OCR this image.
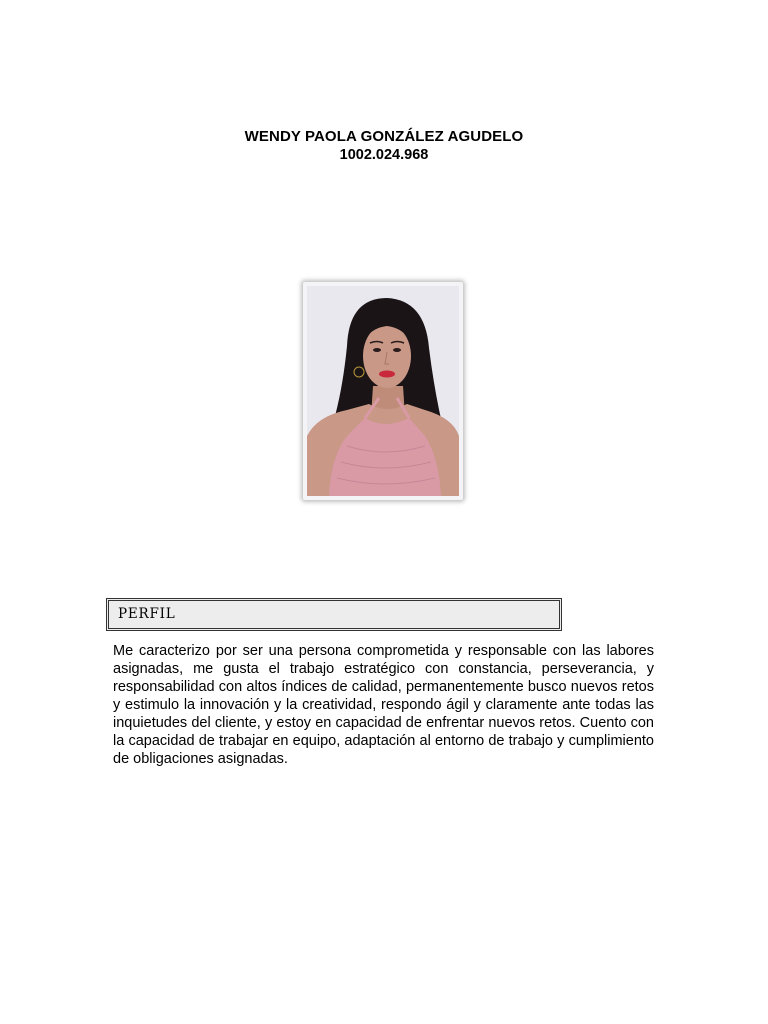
WENDY PAOLA GONZÁLEZ AGUDELO
1002.024.968
PERFIL

Me caracterizo por ser una persona comprometida y responsable con las labores asignadas, me gusta el trabajo estratégico con constancia, perseverancia, y responsabilidad con altos índices de calidad, permanentemente busco nuevos retos y estimulo la innovación y la creatividad, respondo ágil y claramente ante todas las inquietudes del cliente, y estoy en capacidad de enfrentar nuevos retos. Cuento con la capacidad de trabajar en equipo, adaptación al entorno de trabajo y cumplimiento de obligaciones asignadas.
